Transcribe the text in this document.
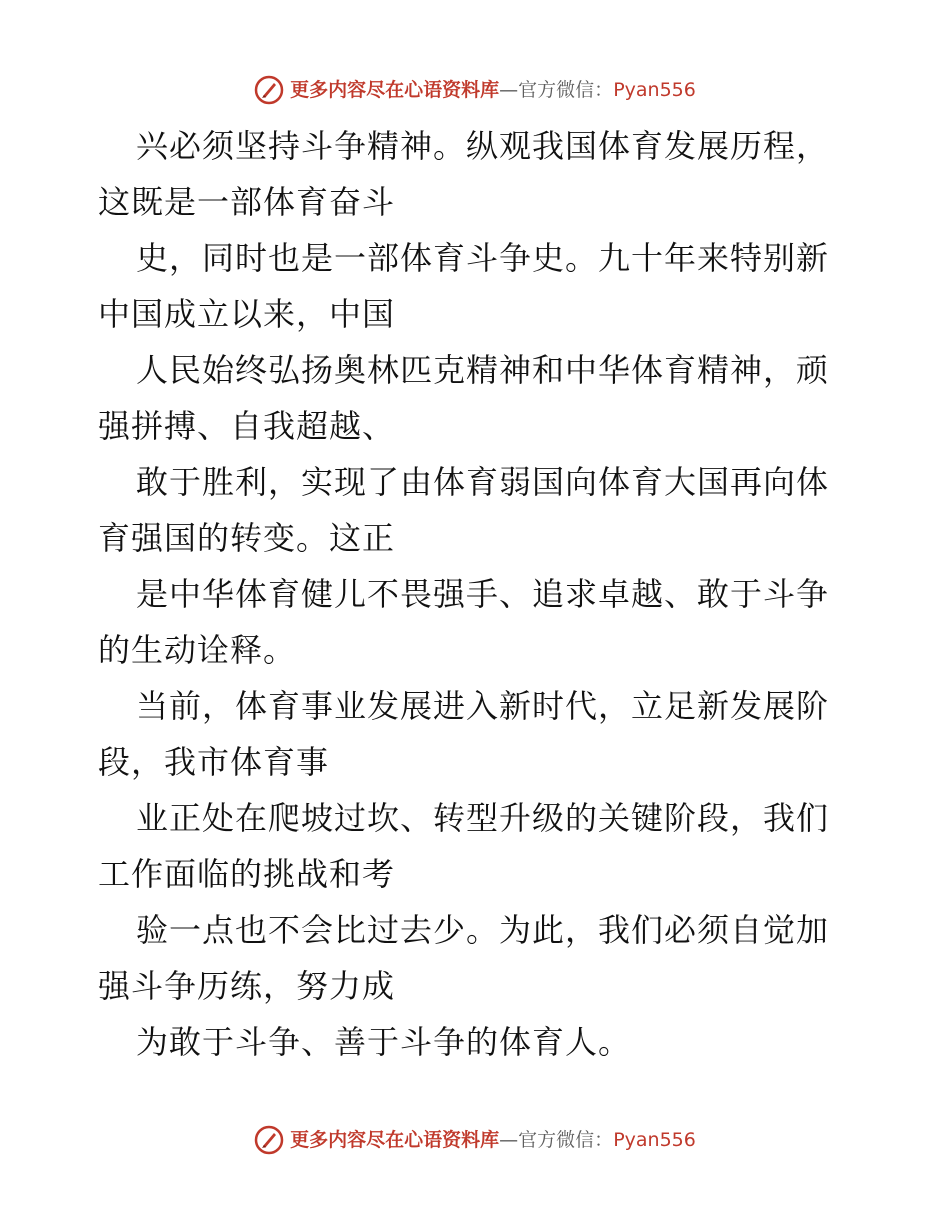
更多内容尽在心语资料库—官方微信：Pyan556
兴必须坚持斗争精神。纵观我国体育发展历程，
这既是一部体育奋斗
史，同时也是一部体育斗争史。九十年来特别新
中国成立以来，中国
人民始终弘扬奥林匹克精神和中华体育精神，顽
强拼搏、自我超越、
敢于胜利，实现了由体育弱国向体育大国再向体
育强国的转变。这正
是中华体育健儿不畏强手、追求卓越、敢于斗争
的生动诠释。
当前，体育事业发展进入新时代，立足新发展阶
段，我市体育事
业正处在爬坡过坎、转型升级的关键阶段，我们
工作面临的挑战和考
验一点也不会比过去少。为此，我们必须自觉加
强斗争历练，努力成
为敢于斗争、善于斗争的体育人。
更多内容尽在心语资料库—官方微信：Pyan556
